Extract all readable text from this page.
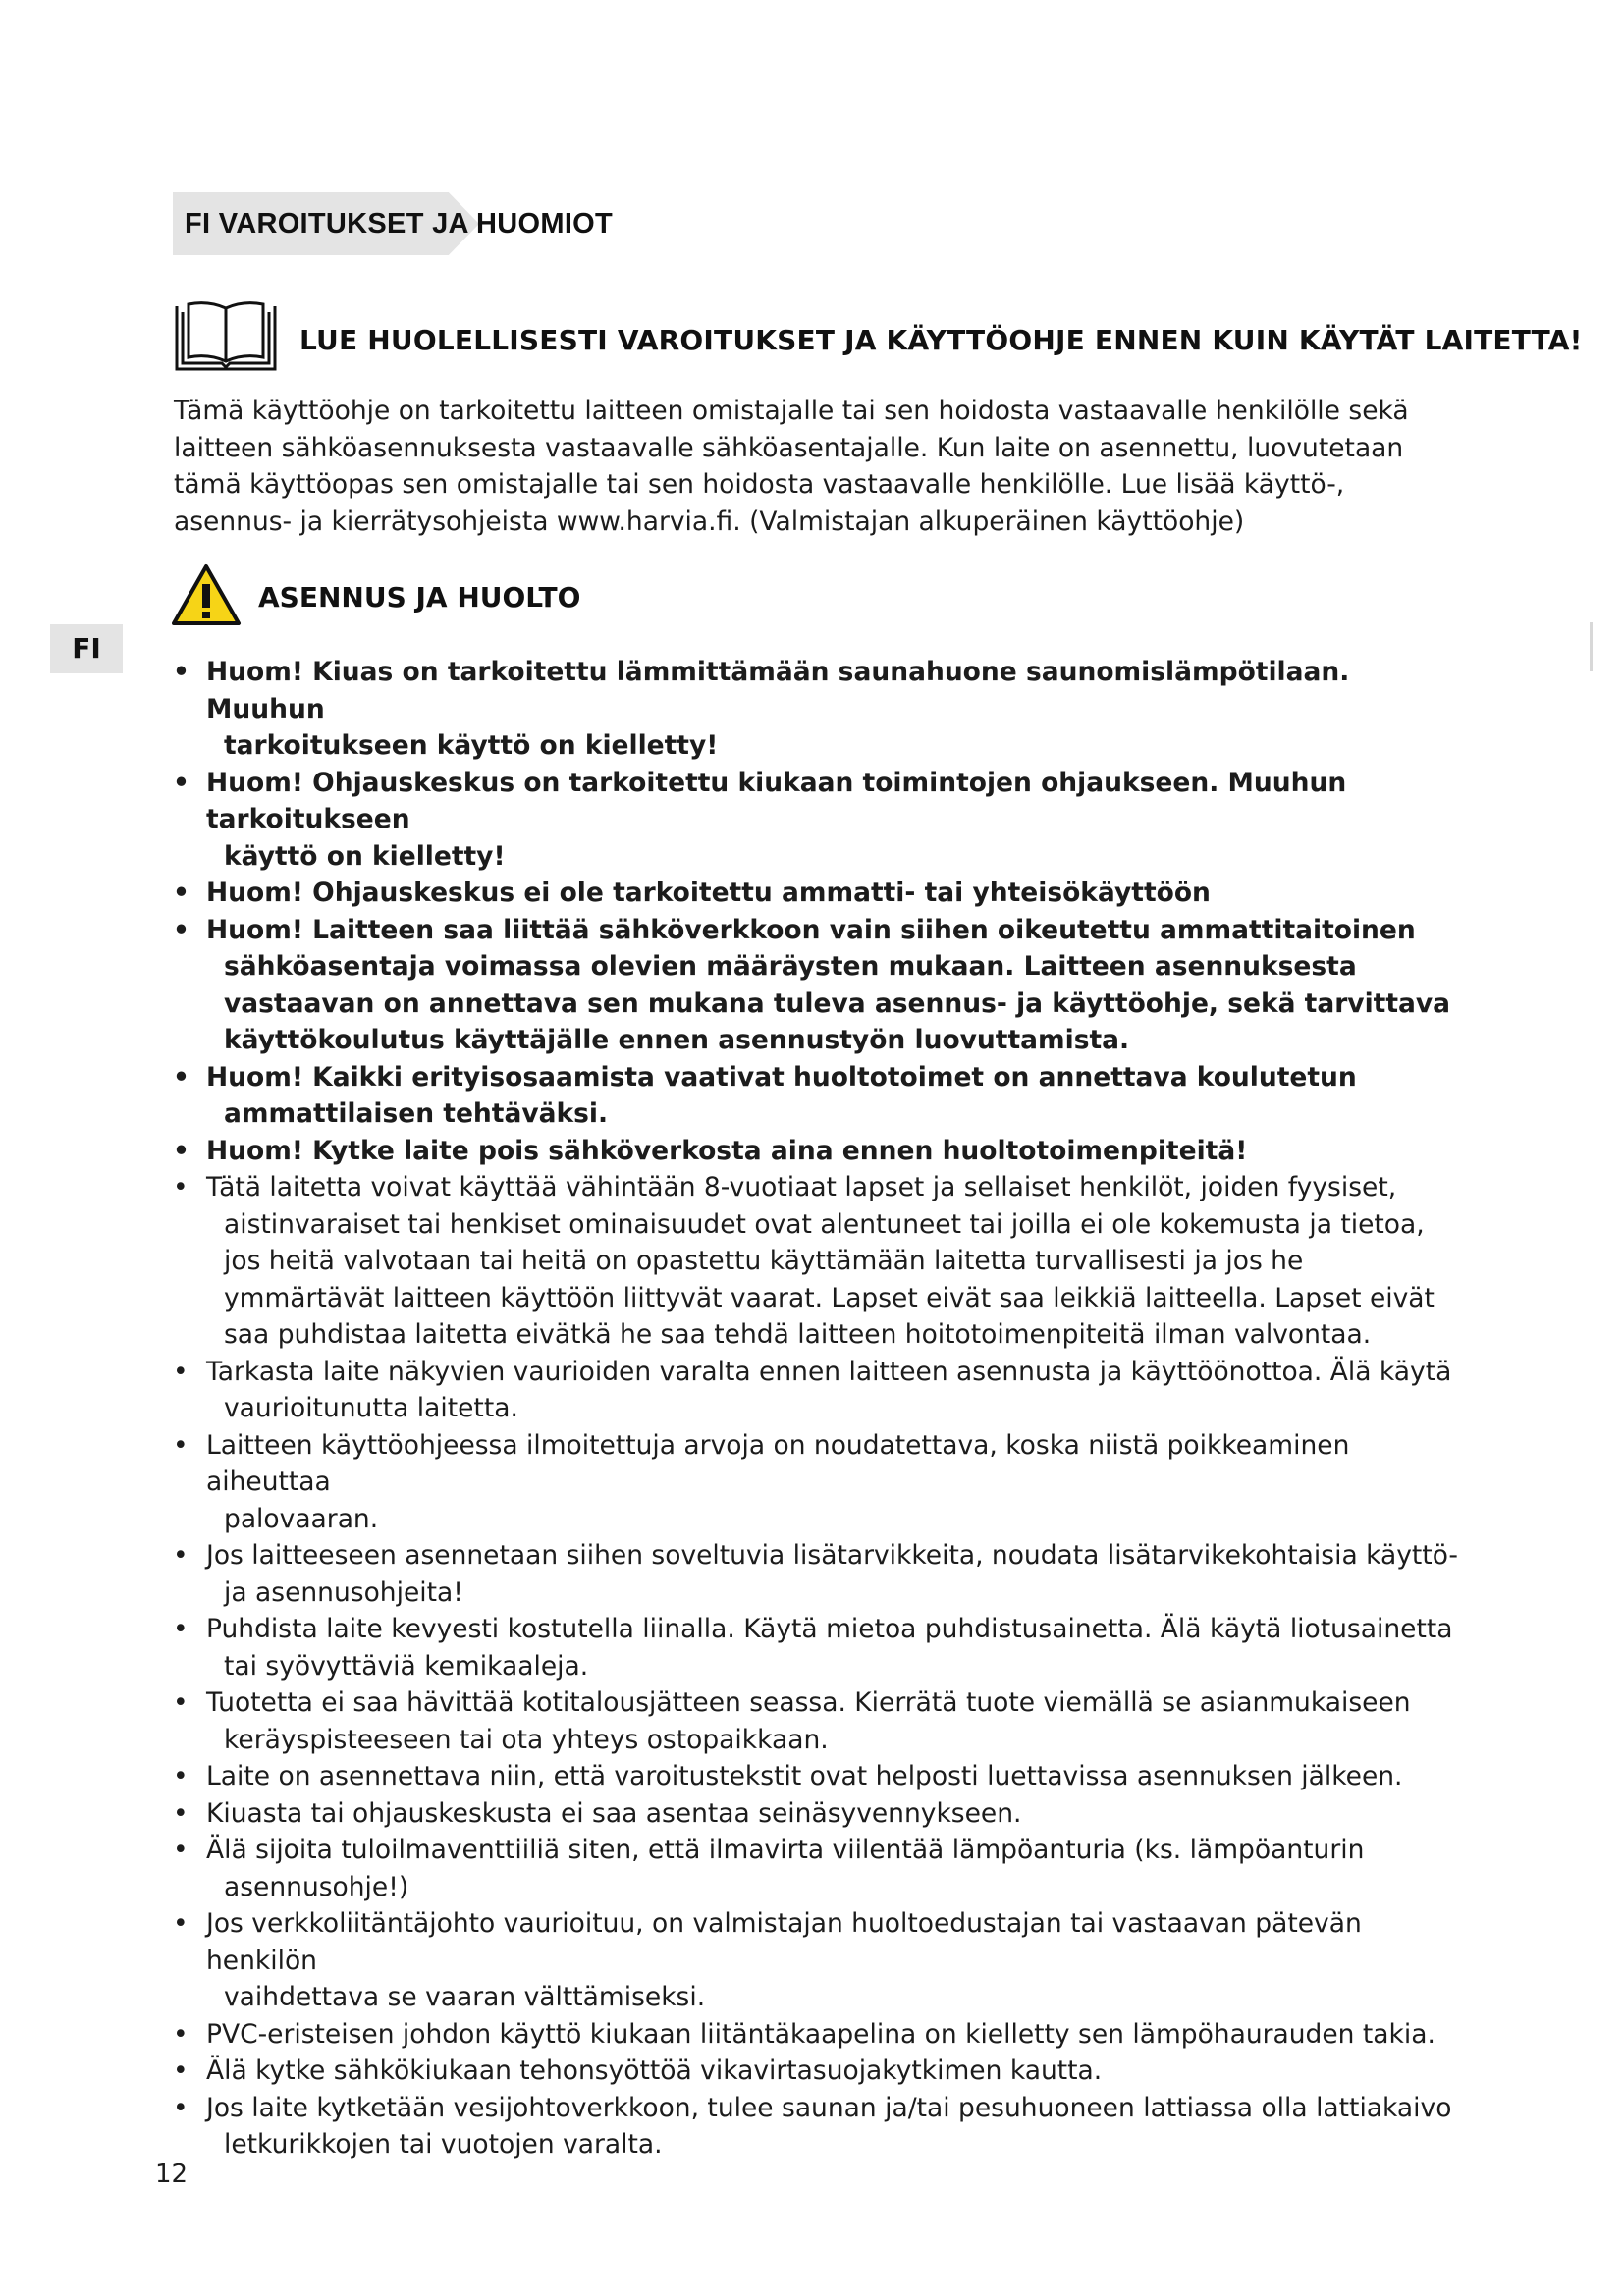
FI VAROITUKSET JA HUOMIOT
LUE HUOLELLISESTI VAROITUKSET JA KÄYTTÖOHJE ENNEN KUIN KÄYTÄT LAITETTA!

Tämä käyttöohje on tarkoitettu laitteen omistajalle tai sen hoidosta vastaavalle henkilölle sekä laitteen sähköasennuksesta vastaavalle sähköasentajalle. Kun laite on asennettu, luovutetaan tämä käyttöopas sen omistajalle tai sen hoidosta vastaavalle henkilölle. Lue lisää käyttö-, asennus- ja kierrätysohjeista www.harvia.fi. (Valmistajan alkuperäinen käyttöohje)

ASENNUS JA HUOLTO
FI
• Huom! Kiuas on tarkoitettu lämmittämään saunahuone saunomislämpötilaan. Muuhun
tarkoitukseen käyttö on kielletty!
• Huom! Ohjauskeskus on tarkoitettu kiukaan toimintojen ohjaukseen. Muuhun tarkoitukseen
käyttö on kielletty!
• Huom! Ohjauskeskus ei ole tarkoitettu ammatti- tai yhteisökäyttöön
• Huom! Laitteen saa liittää sähköverkkoon vain siihen oikeutettu ammattitaitoinen
sähköasentaja voimassa olevien määräysten mukaan. Laitteen asennuksesta vastaavan on annettava sen mukana tuleva asennus- ja käyttöohje, sekä tarvittava käyttökoulutus käyttäjälle ennen asennustyön luovuttamista.
• Huom! Kaikki erityisosaamista vaativat huoltotoimet on annettava koulutetun
ammattilaisen tehtäväksi.
• Huom! Kytke laite pois sähköverkosta aina ennen huoltotoimenpiteitä!
• Tätä laitetta voivat käyttää vähintään 8-vuotiaat lapset ja sellaiset henkilöt, joiden fyysiset,
aistinvaraiset tai henkiset ominaisuudet ovat alentuneet tai joilla ei ole kokemusta ja tietoa, jos heitä valvotaan tai heitä on opastettu käyttämään laitetta turvallisesti ja jos he ymmärtävät laitteen käyttöön liittyvät vaarat. Lapset eivät saa leikkiä laitteella. Lapset eivät saa puhdistaa laitetta eivätkä he saa tehdä laitteen hoitotoimenpiteitä ilman valvontaa.
• Tarkasta laite näkyvien vaurioiden varalta ennen laitteen asennusta ja käyttöönottoa. Älä käytä
vaurioitunutta laitetta.
• Laitteen käyttöohjeessa ilmoitettuja arvoja on noudatettava, koska niistä poikkeaminen aiheuttaa
palovaaran.
• Jos laitteeseen asennetaan siihen soveltuvia lisätarvikkeita, noudata lisätarvikekohtaisia käyttö-
ja asennusohjeita!
• Puhdista laite kevyesti kostutella liinalla. Käytä mietoa puhdistusainetta. Älä käytä liotusainetta
tai syövyttäviä kemikaaleja.
• Tuotetta ei saa hävittää kotitalousjätteen seassa. Kierrätä tuote viemällä se asianmukaiseen
keräyspisteeseen tai ota yhteys ostopaikkaan.
• Laite on asennettava niin, että varoitustekstit ovat helposti luettavissa asennuksen jälkeen.
• Kiuasta tai ohjauskeskusta ei saa asentaa seinäsyvennykseen.
• Älä sijoita tuloilmaventtiiliä siten, että ilmavirta viilentää lämpöanturia (ks. lämpöanturin
asennusohje!)
• Jos verkkoliitäntäjohto vaurioituu, on valmistajan huoltoedustajan tai vastaavan pätevän henkilön
vaihdettava se vaaran välttämiseksi.
• PVC-eristeisen johdon käyttö kiukaan liitäntäkaapelina on kielletty sen lämpöhaurauden takia.
• Älä kytke sähkökiukaan tehonsyöttöä vikavirtasuojakytkimen kautta.
• Jos laite kytketään vesijohtoverkkoon, tulee saunan ja/tai pesuhuoneen lattiassa olla lattiakaivo
letkurikkojen tai vuotojen varalta.
12
